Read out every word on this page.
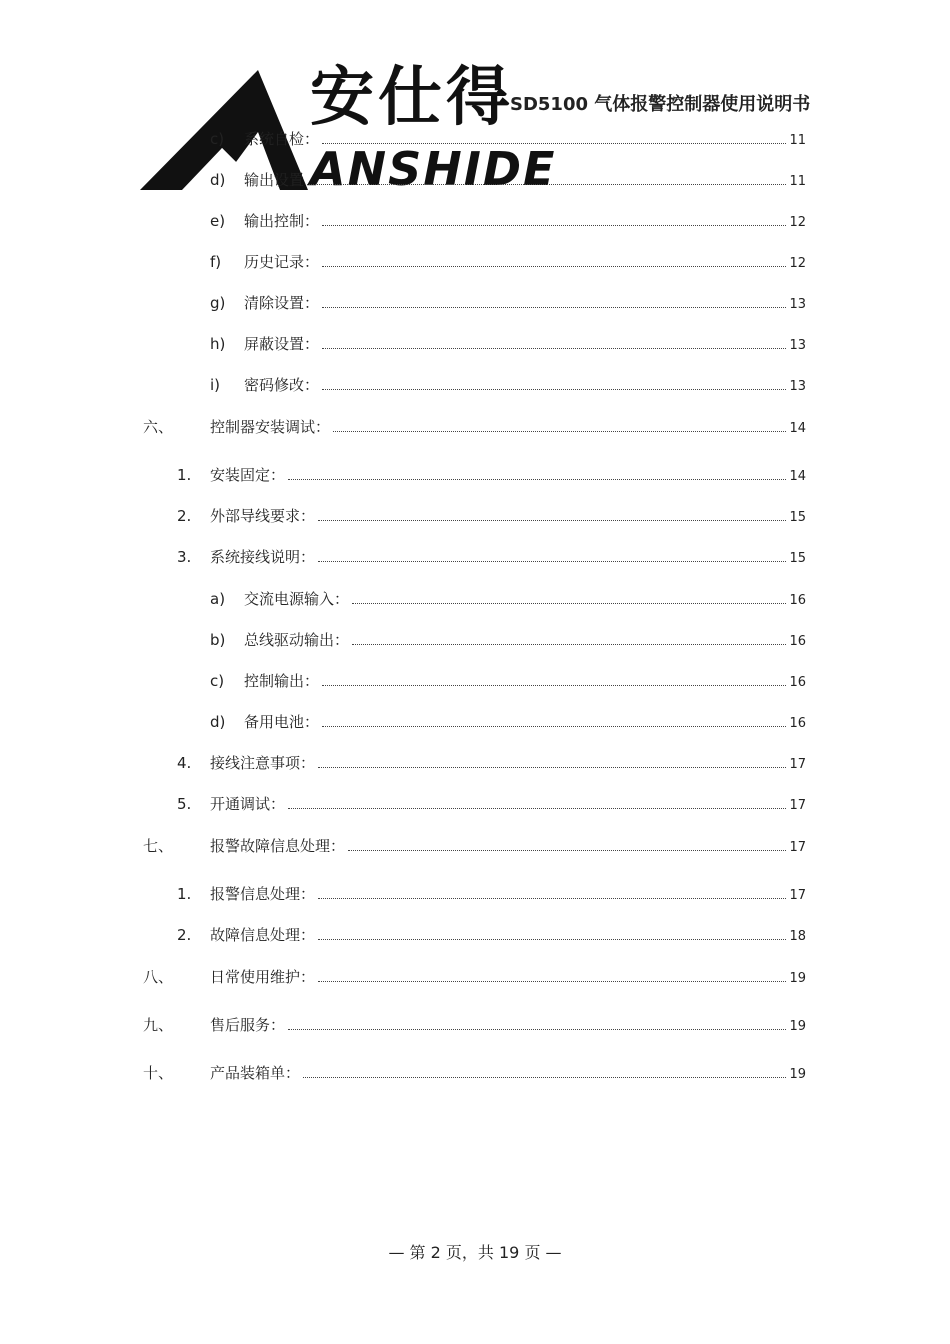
安仕得
ANSHIDE
SD5100 气体报警控制器使用说明书
c) 系统自检：	11
d) 输出设置	11
e) 输出控制：	12
f) 历史记录：	12
g) 清除设置：	13
h) 屏蔽设置：	13
i) 密码修改：	13
六、 控制器安装调试：	14
1. 安装固定：	14
2. 外部导线要求：	15
3. 系统接线说明：	15
a) 交流电源输入：	16
b) 总线驱动输出：	16
c) 控制输出：	16
d) 备用电池：	16
4. 接线注意事项：	17
5. 开通调试：	17
七、 报警故障信息处理：	17
1. 报警信息处理：	17
2. 故障信息处理：	18
八、 日常使用维护：	19
九、 售后服务：	19
十、 产品装箱单：	19
— 第 2 页，共 19 页 —
